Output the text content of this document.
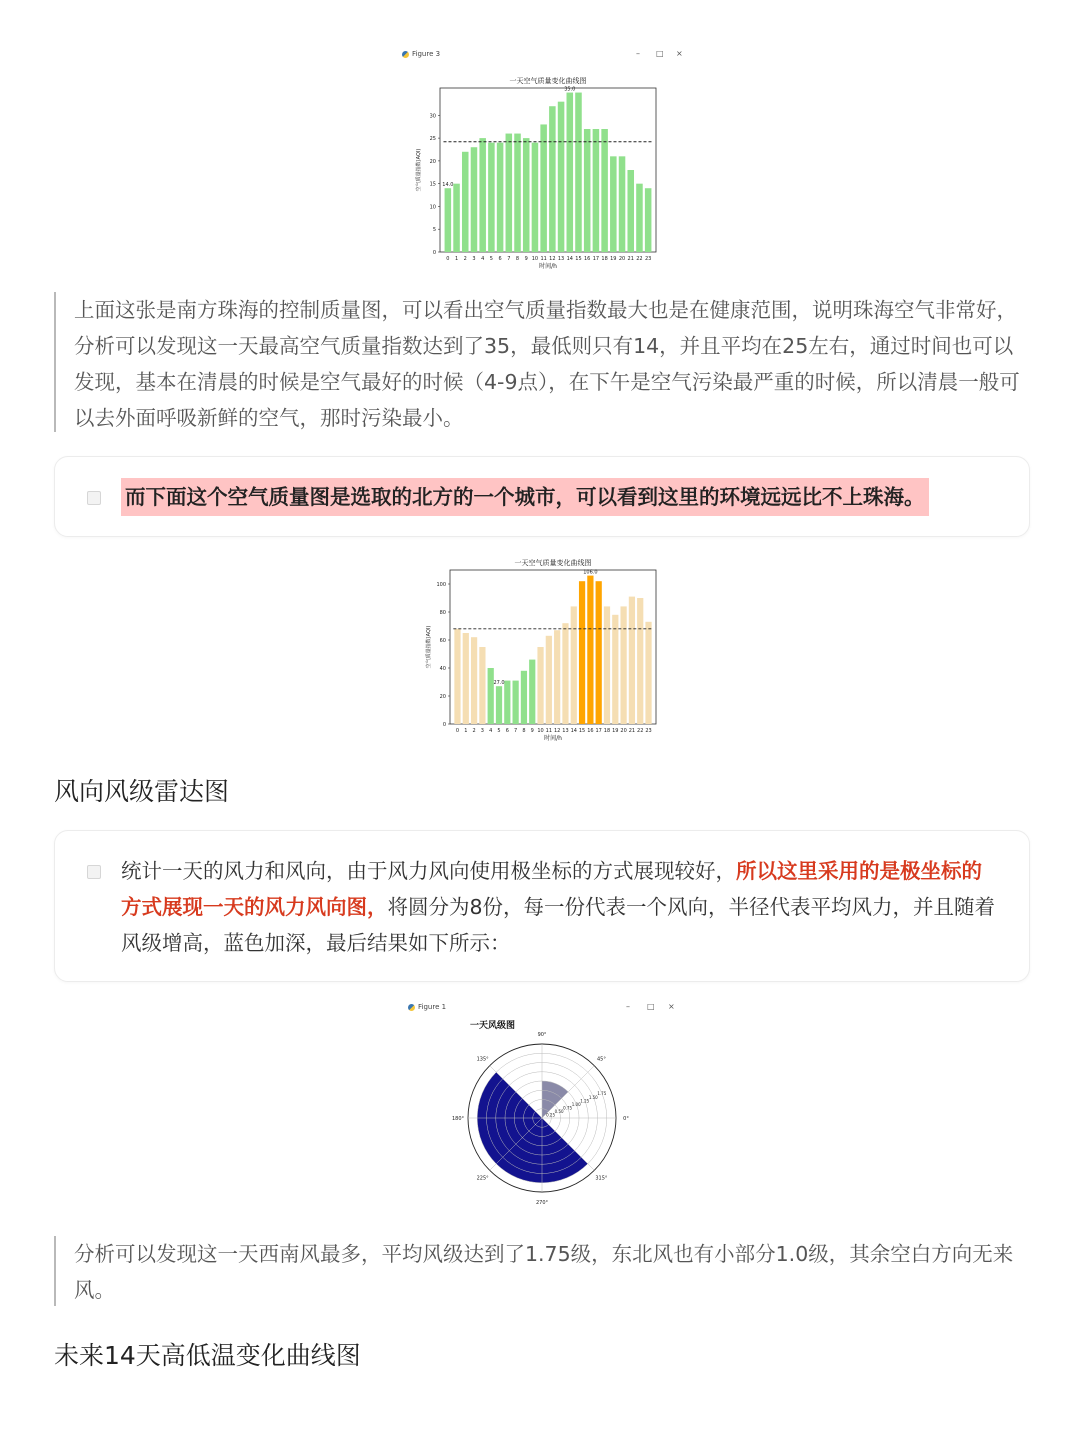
Figure 3	– □ ×
一天空气质量变化曲线图
0 1 2 3 4 5 6 7 8 9 10 11 12 13 14 15 16 17 18 19 20 21 22 23
0
5
10
15
20
25
30
35.0
14.0
时间/h
空气质量指数(AQI)
上面这张是南方珠海的控制质量图，可以看出空气质量指数最大也是在健康范围，说明珠海空气非常好，分析可以发现这一天最高空气质量指数达到了35，最低则只有14，并且平均在25左右，通过时间也可以发现，基本在清晨的时候是空气最好的时候（4-9点），在下午是空气污染最严重的时候，所以清晨一般可以去外面呼吸新鲜的空气，那时污染最小。
而下面这个空气质量图是选取的北方的一个城市，可以看到这里的环境远远比不上珠海。
一天空气质量变化曲线图
0 1 2 3 4 5 6 7 8 9 10 11 12 13 14 15 16 17 18 19 20 21 22 23
0
20
40
60
80
100
106.0
27.0
时间/h
空气质量指数(AQI)
风向风级雷达图
统计一天的风力和风向，由于风力风向使用极坐标的方式展现较好，所以这里采用的是极坐标的方式展现一天的风力风向图，将圆分为8份，每一份代表一个风向，半径代表平均风力，并且随着风级增高，蓝色加深，最后结果如下所示：
Figure 1	– □ ×
一天风级图
0°
45°
90°
135°
180°
225°
270°
315°
0.25
0.50
0.75
1.00
1.25
1.50
1.75
分析可以发现这一天西南风最多，平均风级达到了1.75级，东北风也有小部分1.0级，其余空白方向无来风。
未来14天高低温变化曲线图
